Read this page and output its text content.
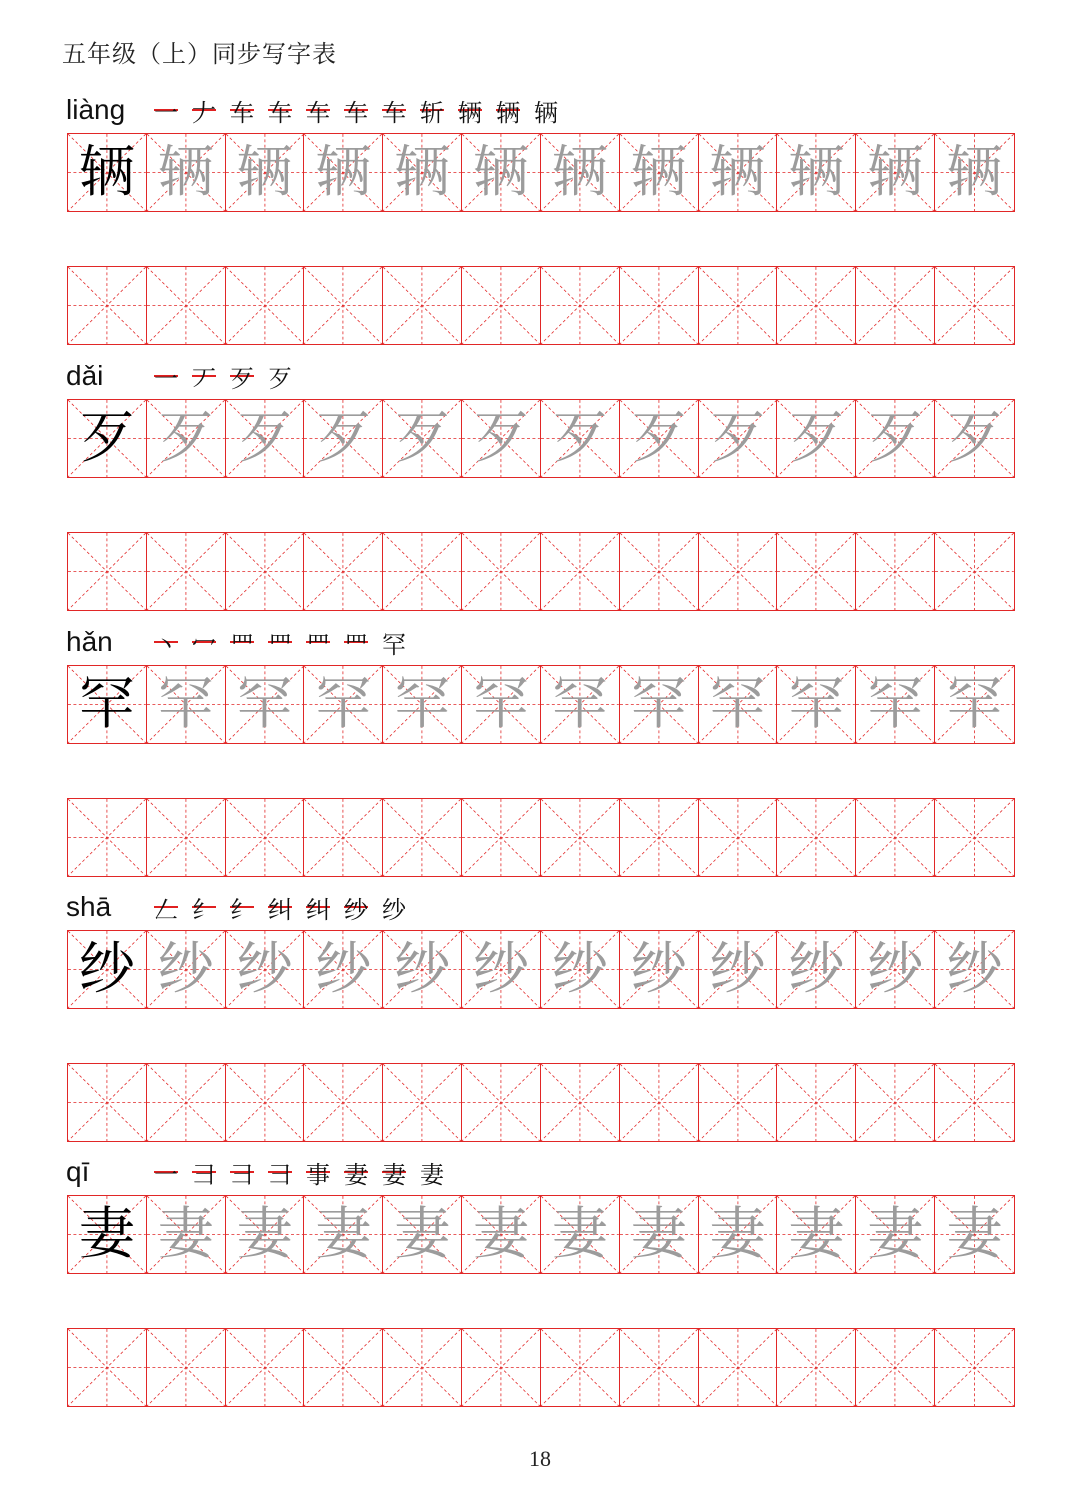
五年级（上）同步写字表
liàng	一 𠂇 车 车 车 车 车 斩 辆 辆 辆
辆 辆 辆 辆 辆 辆 辆 辆 辆 辆 辆 辆
dǎi	一 丆 歹 歹
歹 歹 歹 歹 歹 歹 歹 歹 歹 歹 歹 歹
hǎn	丶 冖 罒 罒 罒 罒 罕
罕 罕 罕 罕 罕 罕 罕 罕 罕 罕 罕 罕
shā	𠃋 纟 纟 纠 纠 纱 纱
纱 纱 纱 纱 纱 纱 纱 纱 纱 纱 纱 纱
qī	一 彐 彐 彐 事 妻 妻 妻
妻 妻 妻 妻 妻 妻 妻 妻 妻 妻 妻 妻
18
